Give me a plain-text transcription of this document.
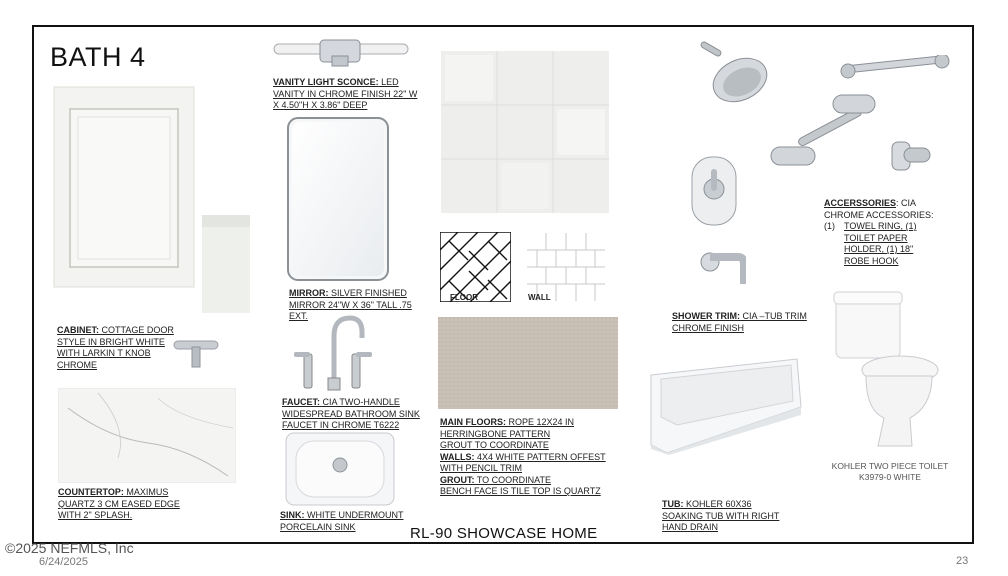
BATH 4
CABINET: COTTAGE DOOR STYLE IN BRIGHT WHITE WITH LARKIN T KNOB CHROME
COUNTERTOP: MAXIMUS QUARTZ 3 CM EASED EDGE WITH 2" SPLASH.
VANITY LIGHT SCONCE: LED VANITY IN CHROME FINISH 22" W X 4.50"H X 3.86" DEEP
MIRROR: SILVER FINISHED MIRROR 24"W X 36" TALL .75 EXT.
FAUCET: CIA TWO-HANDLE WIDESPREAD BATHROOM SINK FAUCET IN CHROME T6222
SINK: WHITE UNDERMOUNT PORCELAIN SINK
FLOOR	WALL
MAIN FLOORS: ROPE 12X24 IN HERRINGBONE PATTERN
GROUT TO COORDINATE
WALLS: 4X4 WHITE PATTERN OFFEST WITH PENCIL TRIM
GROUT: TO COORDINATE
BENCH FACE IS TILE TOP IS QUARTZ
SHOWER TRIM: CIA –TUB TRIM CHROME FINISH
ACCERSSORIES: CIA CHROME ACCESSORIES:
(1)	TOWEL RING, (1) TOILET PAPER HOLDER, (1) 18" ROBE HOOK
TUB: KOHLER 60X36 SOAKING TUB WITH RIGHT HAND DRAIN
KOHLER TWO PIECE TOILET
K3979-0 WHITE
RL-90 SHOWCASE HOME
©2025 NEFMLS, Inc
6/24/2025	23
